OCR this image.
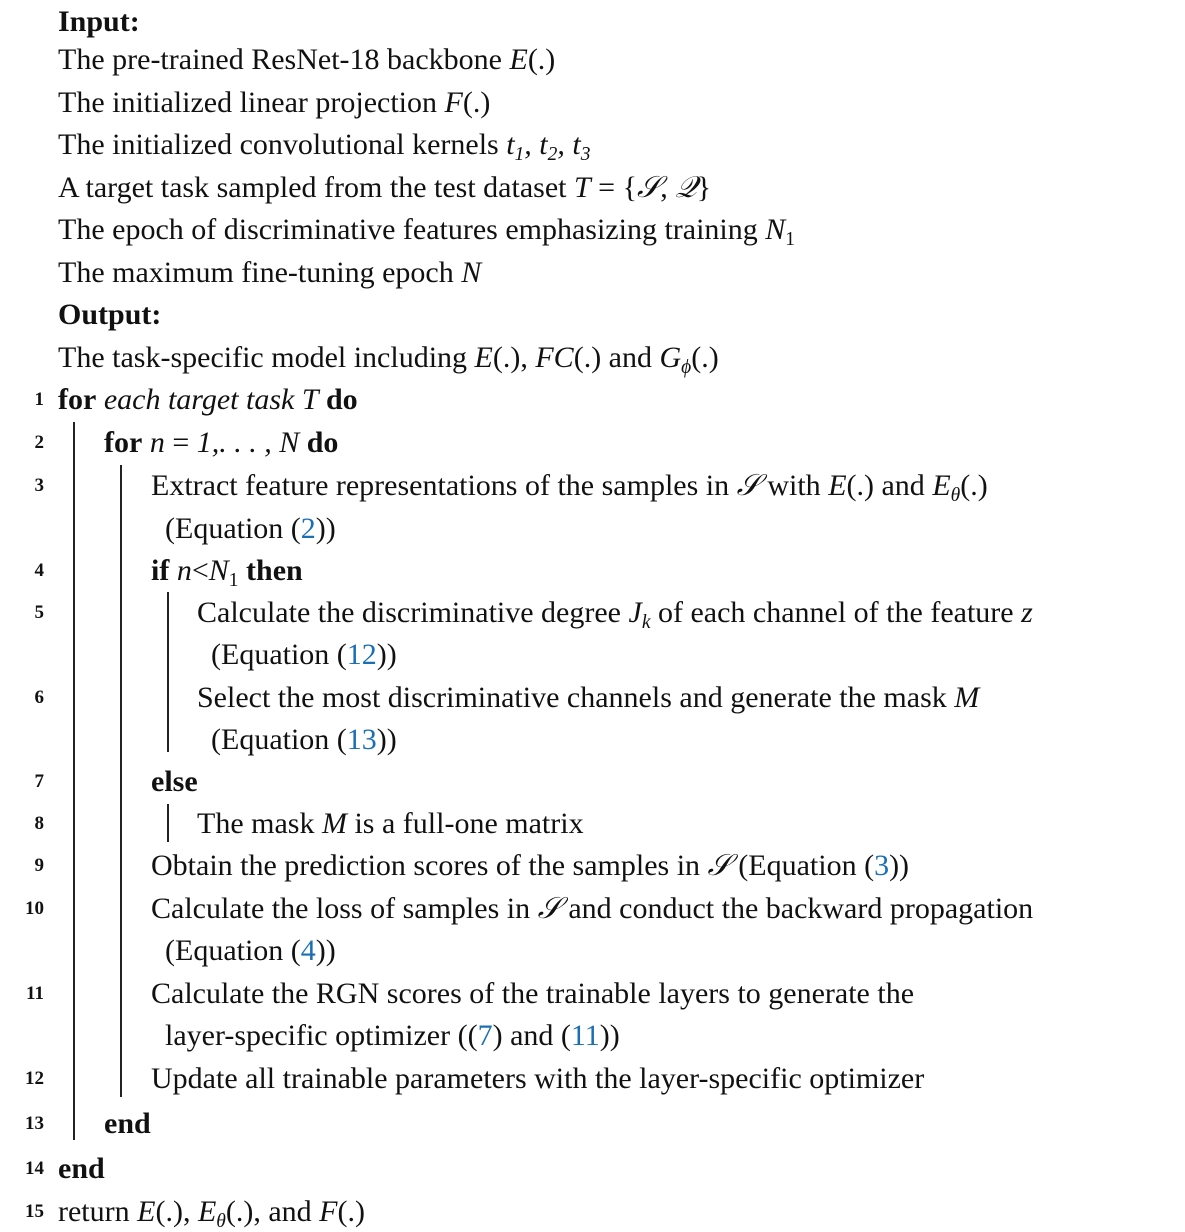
Input:
The pre-trained ResNet-18 backbone E(.)
The initialized linear projection F(.)
The initialized convolutional kernels $t_1$, $t_2$, $t_3$
A target task sampled from the test dataset T = {𝒮, 𝒬}
The epoch of discriminative features emphasizing training $N_1$
The maximum fine-tuning epoch N
Output:
The task-specific model including E(.), FC(.) and $G_\phi(.)$
1 for each target task T do
2 for n = 1,. . . , N do
3	Extract feature representations of the samples in 𝒮 with E(.) and $E_\theta(.)$
(Equation (2))
4	if $n<N_1$ then
5	Calculate the discriminative degree $J_k$ of each channel of the feature z
(Equation (12))
6	Select the most discriminative channels and generate the mask M
(Equation (13))
7	else
8	The mask M is a full-one matrix
9	Obtain the prediction scores of the samples in 𝒮 (Equation (3))
10	Calculate the loss of samples in 𝒮 and conduct the backward propagation
(Equation (4))
11	Calculate the RGN scores of the trainable layers to generate the
layer-specific optimizer ((7) and (11))
12	Update all trainable parameters with the layer-specific optimizer
13 end
14 end
15 return E(.), $E_\theta(.)$, and F(.)
